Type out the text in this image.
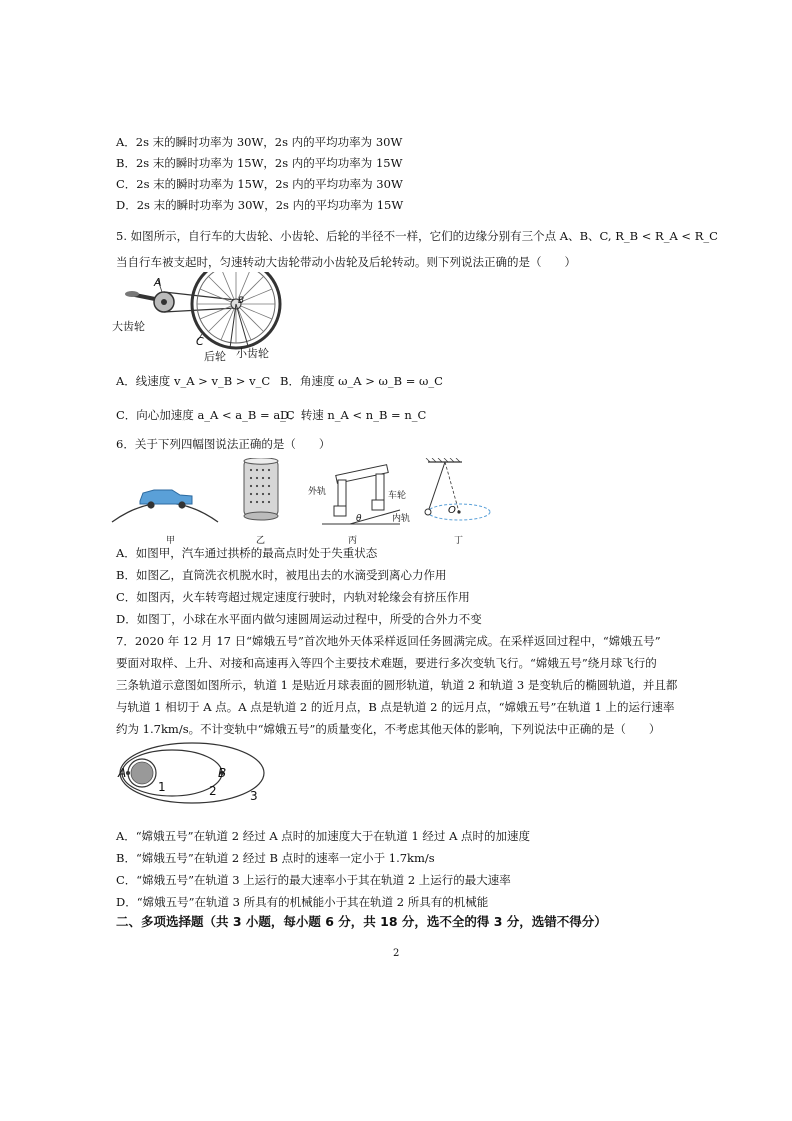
A．2s 末的瞬时功率为 30W，2s 内的平均功率为 30W
B．2s 末的瞬时功率为 15W，2s 内的平均功率为 15W
C．2s 末的瞬时功率为 15W，2s 内的平均功率为 30W
D．2s 末的瞬时功率为 30W，2s 内的平均功率为 15W
5. 如图所示，自行车的大齿轮、小齿轮、后轮的半径不一样，它们的边缘分别有三个点 A、B、C, R_B < R_A < R_C
当自行车被支起时，匀速转动大齿轮带动小齿轮及后轮转动。则下列说法正确的是（　　）
A
B
C
大齿轮
后轮 小齿轮
A．线速度 v_A > v_B > v_C B．角速度 ω_A > ω_B = ω_C
C．向心加速度 a_A < a_B = a_C
D．转速 n_A < n_B = n_C
6．关于下列四幅图说法正确的是（　　）
甲	乙	丙	丁
外轨	车轮
内轨
θ
O
A．如图甲，汽车通过拱桥的最高点时处于失重状态
B．如图乙，直筒洗衣机脱水时，被甩出去的水滴受到离心力作用
C．如图丙，火车转弯超过规定速度行驶时，内轨对轮缘会有挤压作用
D．如图丁，小球在水平面内做匀速圆周运动过程中，所受的合外力不变
7．2020 年 12 月 17 日“嫦娥五号”首次地外天体采样返回任务圆满完成。在采样返回过程中，“嫦娥五号”
要面对取样、上升、对接和高速再入等四个主要技术难题，要进行多次变轨飞行。“嫦娥五号”绕月球飞行的
三条轨道示意图如图所示，轨道 1 是贴近月球表面的圆形轨道，轨道 2 和轨道 3 是变轨后的椭圆轨道，并且都
与轨道 1 相切于 A 点。A 点是轨道 2 的近月点，B 点是轨道 2 的远月点，“嫦娥五号”在轨道 1 上的运行速率
约为 1.7km/s。不计变轨中“嫦娥五号”的质量变化，不考虑其他天体的影响，下列说法中正确的是（　　）
A	B
1	2	3
A．“嫦娥五号”在轨道 2 经过 A 点时的加速度大于在轨道 1 经过 A 点时的加速度
B．“嫦娥五号”在轨道 2 经过 B 点时的速率一定小于 1.7km/s
C．“嫦娥五号”在轨道 3 上运行的最大速率小于其在轨道 2 上运行的最大速率
D．“嫦娥五号”在轨道 3 所具有的机械能小于其在轨道 2 所具有的机械能
二、多项选择题（共 3 小题，每小题 6 分，共 18 分，选不全的得 3 分，选错不得分）
2
